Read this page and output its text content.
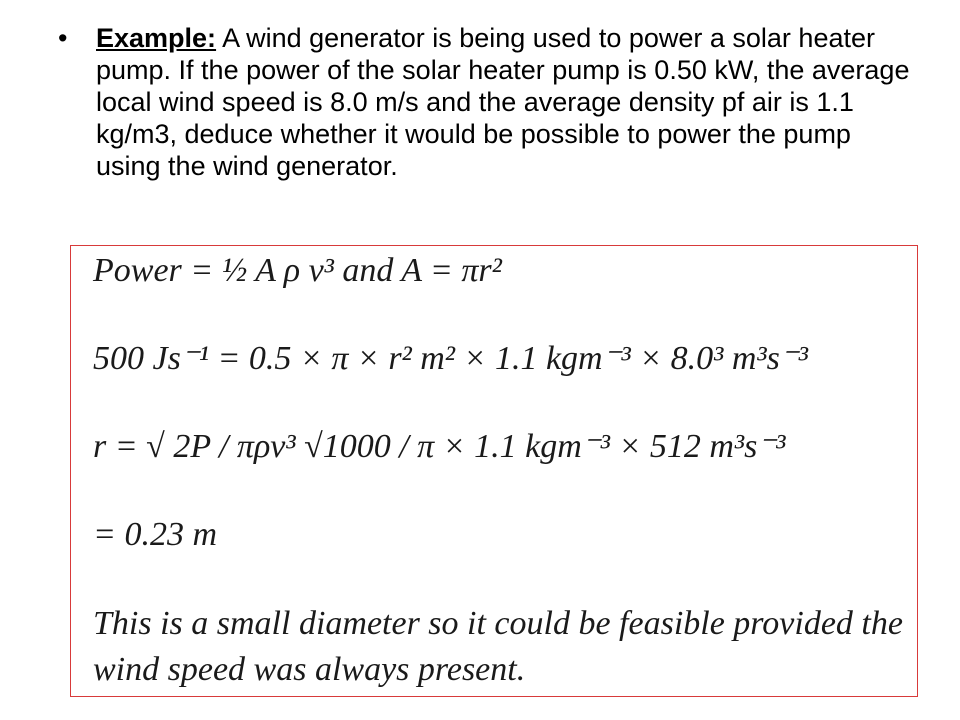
•	Example: A wind generator is being used to power a solar heater pump. If the power of the solar heater pump is 0.50 kW, the average local wind speed is 8.0 m/s and the average density pf air is 1.1 kg/m3, deduce whether it would be possible to power the pump using the wind generator.
Power = ½ A ρ v³ and A = πr²
500 Js⁻¹ = 0.5 × π × r² m² × 1.1 kgm⁻³ × 8.0³ m³s⁻³
r = √ 2P / πρv³ √1000 / π × 1.1 kgm⁻³ × 512 m³s⁻³
= 0.23 m
This is a small diameter so it could be feasible provided the wind speed was always present.
